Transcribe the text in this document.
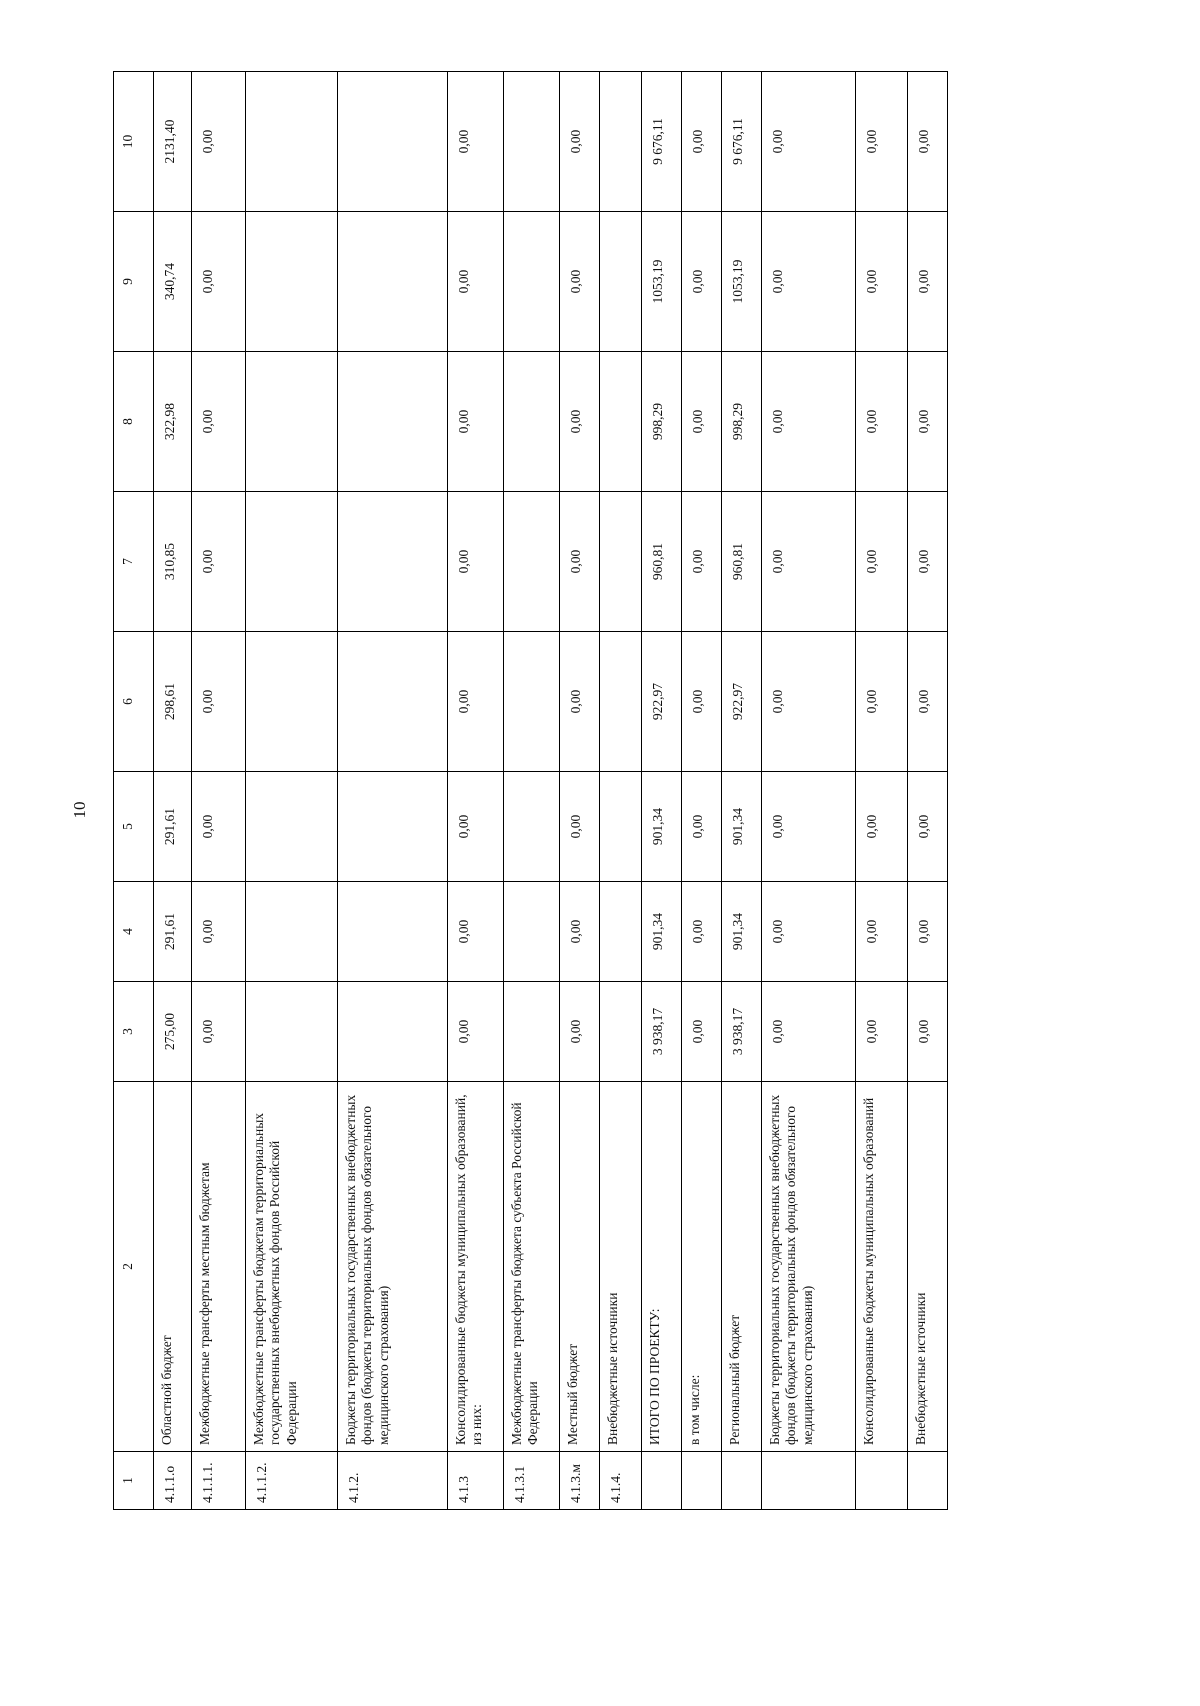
10
1	2	3	4	5	6	7	8	9	10
4.1.1.о	Областной бюджет	275,00	291,61	291,61	298,61	310,85	322,98	340,74	2131,40
4.1.1.1.	Межбюджетные трансферты местным бюджетам	0,00	0,00	0,00	0,00	0,00	0,00	0,00	0,00
4.1.1.2.	Межбюджетные трансферты бюджетам территориальных государственных внебюджетных фондов Российской Федерации								
4.1.2.	Бюджеты территориальных государственных внебюджетных фондов (бюджеты территориальных фондов обязательного медицинского страхования)								
4.1.3	Консолидированные бюджеты муниципальных образований, из них:	0,00	0,00	0,00	0,00	0,00	0,00	0,00	0,00
4.1.3.1	Межбюджетные трансферты бюджета субъекта Российской Федерации								
4.1.3.м	Местный бюджет	0,00	0,00	0,00	0,00	0,00	0,00	0,00	0,00
4.1.4.	Внебюджетные источники								
	ИТОГО ПО ПРОЕКТУ:	3 938,17	901,34	901,34	922,97	960,81	998,29	1053,19	9 676,11
	в том числе:	0,00	0,00	0,00	0,00	0,00	0,00	0,00	0,00
	Региональный бюджет	3 938,17	901,34	901,34	922,97	960,81	998,29	1053,19	9 676,11
	Бюджеты территориальных государственных внебюджетных фондов (бюджеты территориальных фондов обязательного медицинского страхования)	0,00	0,00	0,00	0,00	0,00	0,00	0,00	0,00
	Консолидированные бюджеты муниципальных образований	0,00	0,00	0,00	0,00	0,00	0,00	0,00	0,00
	Внебюджетные источники	0,00	0,00	0,00	0,00	0,00	0,00	0,00	0,00
